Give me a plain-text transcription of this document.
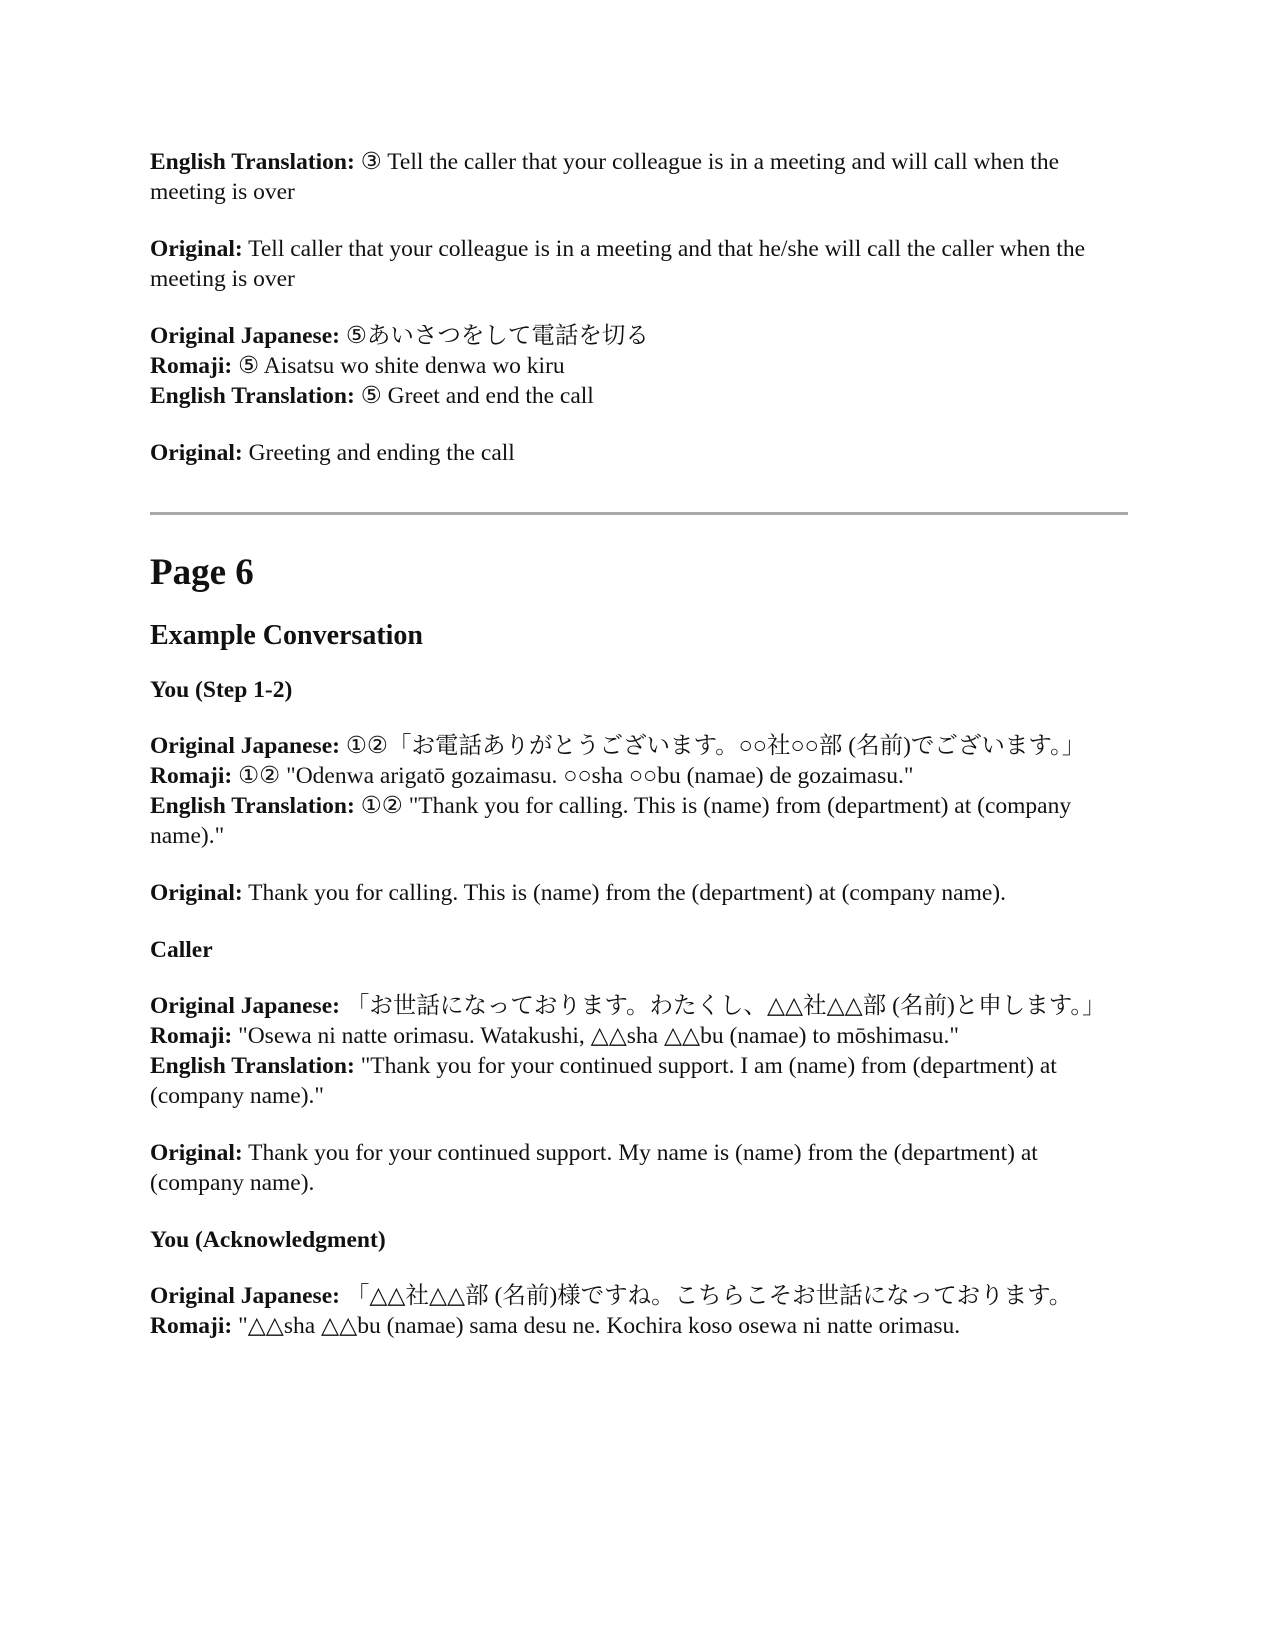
English Translation: ③ Tell the caller that your colleague is in a meeting and will call when the meeting is over

Original: Tell caller that your colleague is in a meeting and that he/she will call the caller when the meeting is over

Original Japanese: ⑤あいさつをして電話を切る

Romaji: ⑤ Aisatsu wo shite denwa wo kiru

English Translation: ⑤ Greet and end the call

Original: Greeting and ending the call

Page 6
Example Conversation
You (Step 1-2)

Original Japanese: ①②「お電話ありがとうございます。○○社○○部 (名前)でございます。」

Romaji: ①② "Odenwa arigatō gozaimasu. ○○sha ○○bu (namae) de gozaimasu."

English Translation: ①② "Thank you for calling. This is (name) from (department) at (company name)."

Original: Thank you for calling. This is (name) from the (department) at (company name).

Caller

Original Japanese: 「お世話になっております。わたくし、△△社△△部 (名前)と申します。」

Romaji: "Osewa ni natte orimasu. Watakushi, △△sha △△bu (namae) to mōshimasu."

English Translation: "Thank you for your continued support. I am (name) from (department) at (company name)."

Original: Thank you for your continued support. My name is (name) from the (department) at (company name).

You (Acknowledgment)

Original Japanese: 「△△社△△部 (名前)様ですね。こちらこそお世話になっております。

Romaji: "△△sha △△bu (namae) sama desu ne. Kochira koso osewa ni natte orimasu.
